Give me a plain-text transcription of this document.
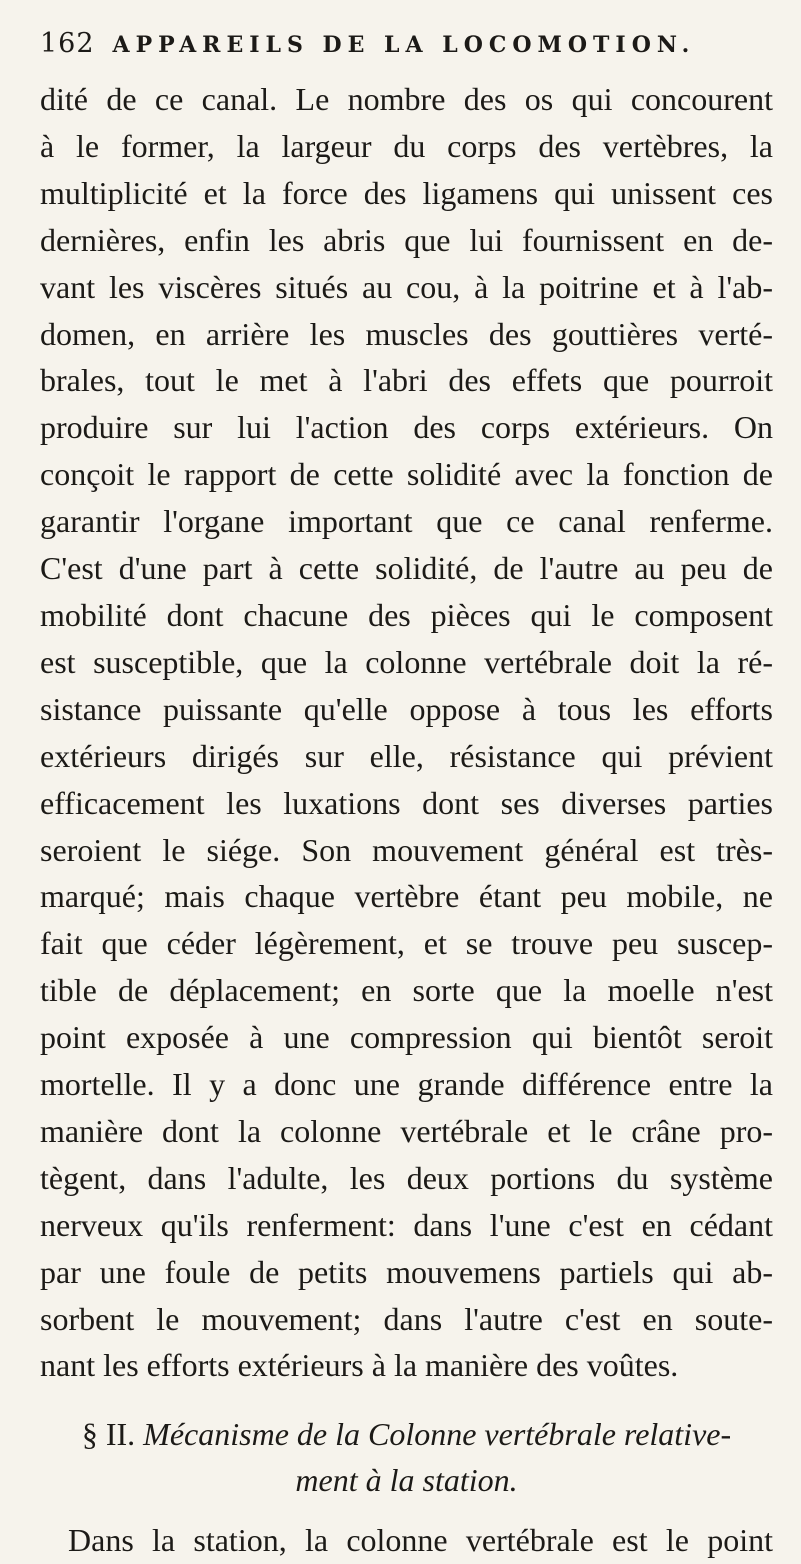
162 APPAREILS DE LA LOCOMOTION.

dité de ce canal. Le nombre des os qui concourent
à le former, la largeur du corps des vertèbres, la
multiplicité et la force des ligamens qui unissent ces
dernières, enfin les abris que lui fournissent en de-
vant les viscères situés au cou, à la poitrine et à l'ab-
domen, en arrière les muscles des gouttières verté-
brales, tout le met à l'abri des effets que pourroit
produire sur lui l'action des corps extérieurs. On
conçoit le rapport de cette solidité avec la fonction de
garantir l'organe important que ce canal renferme.
C'est d'une part à cette solidité, de l'autre au peu de
mobilité dont chacune des pièces qui le composent
est susceptible, que la colonne vertébrale doit la ré-
sistance puissante qu'elle oppose à tous les efforts
extérieurs dirigés sur elle, résistance qui prévient
efficacement les luxations dont ses diverses parties
seroient le siége. Son mouvement général est très-
marqué; mais chaque vertèbre étant peu mobile, ne
fait que céder légèrement, et se trouve peu suscep-
tible de déplacement; en sorte que la moelle n'est
point exposée à une compression qui bientôt seroit
mortelle. Il y a donc une grande différence entre la
manière dont la colonne vertébrale et le crâne pro-
tègent, dans l'adulte, les deux portions du système
nerveux qu'ils renferment: dans l'une c'est en cédant
par une foule de petits mouvemens partiels qui ab-
sorbent le mouvement; dans l'autre c'est en soute-
nant les efforts extérieurs à la manière des voûtes.

§ II. Mécanisme de la Colonne vertébrale relative-
ment à la station.

Dans la station, la colonne vertébrale est le point
